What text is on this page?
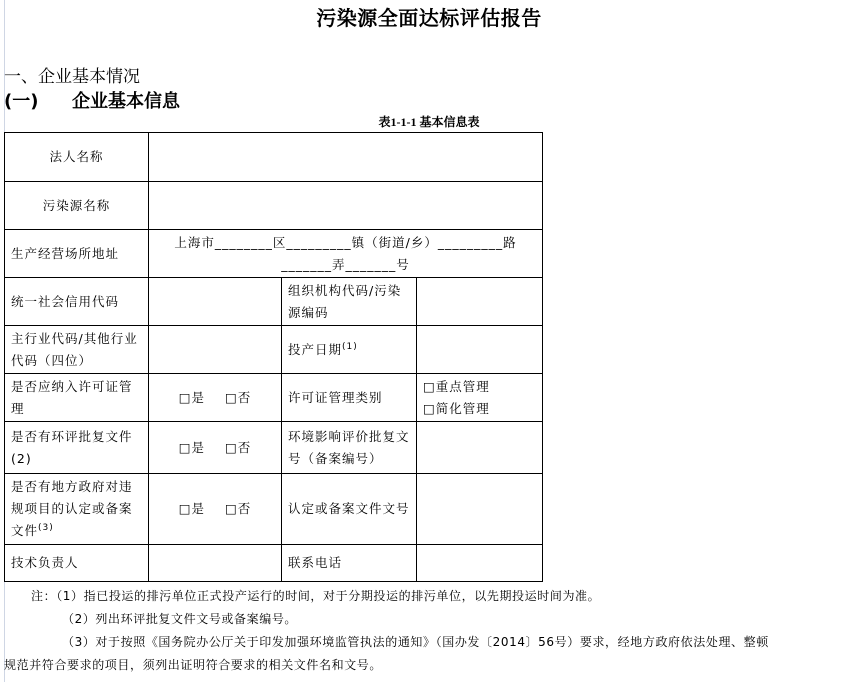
污染源全面达标评估报告
一、企业基本情况
(一) 企业基本信息
表1-1-1 基本信息表
法人名称			
污染源名称			
生产经营场所地址	上海市________区_________镇（街道/乡）_________路
_______弄_______号		

统一社会信用代码		组织机构代码/污染源编码	
主行业代码/其他行业代码（四位）		投产日期$^{(1)}$	
是否应纳入许可证管理	□是 □否	许可证管理类别	□重点管理
□简化管理

是否有环评批复文件(2)	□是 □否	环境影响评价批复文号（备案编号）	
是否有地方政府对违规项目的认定或备案文件$^{(3)}$	□是 □否	认定或备案文件文号	
技术负责人		联系电话	
注：（1）指已投运的排污单位正式投产运行的时间，对于分期投运的排污单位，以先期投运时间为准。
（2）列出环评批复文件文号或备案编号。
（3）对于按照《国务院办公厅关于印发加强环境监管执法的通知》（国办发〔2014〕56号）要求，经地方政府依法处理、整顿
规范并符合要求的项目，须列出证明符合要求的相关文件名和文号。
